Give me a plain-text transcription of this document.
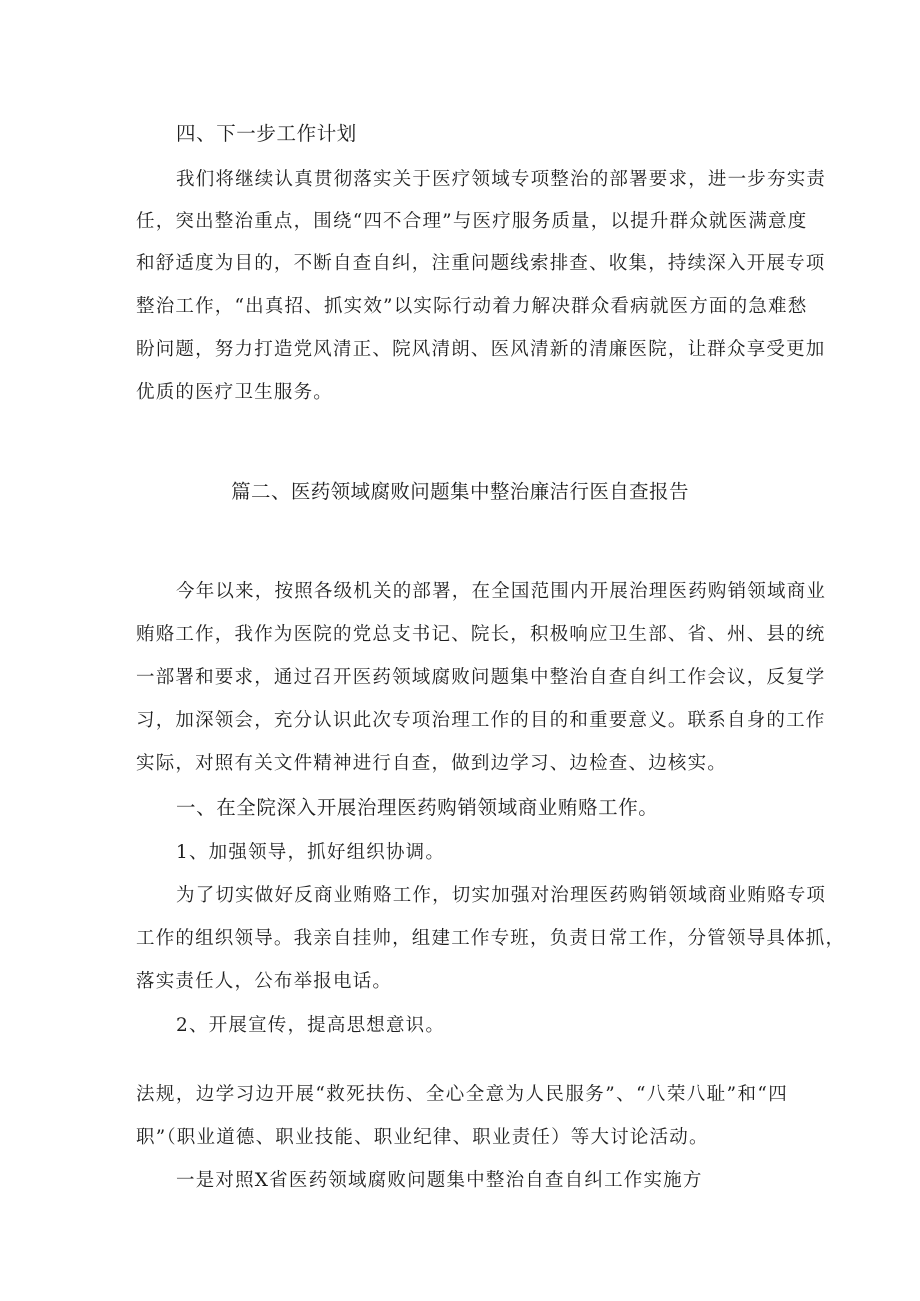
四、下一步工作计划
我们将继续认真贯彻落实关于医疗领域专项整治的部署要求，进一步夯实责
任，突出整治重点，围绕“四不合理”与医疗服务质量，以提升群众就医满意度
和舒适度为目的，不断自查自纠，注重问题线索排查、收集，持续深入开展专项
整治工作，“出真招、抓实效”以实际行动着力解决群众看病就医方面的急难愁
盼问题，努力打造党风清正、院风清朗、医风清新的清廉医院，让群众享受更加
优质的医疗卫生服务。
篇二、医药领域腐败问题集中整治廉洁行医自查报告
今年以来，按照各级机关的部署，在全国范围内开展治理医药购销领域商业
贿赂工作，我作为医院的党总支书记、院长，积极响应卫生部、省、州、县的统
一部署和要求，通过召开医药领域腐败问题集中整治自查自纠工作会议，反复学
习，加深领会，充分认识此次专项治理工作的目的和重要意义。联系自身的工作
实际，对照有关文件精神进行自查，做到边学习、边检查、边核实。
一、在全院深入开展治理医药购销领域商业贿赂工作。
1、加强领导，抓好组织协调。
为了切实做好反商业贿赂工作，切实加强对治理医药购销领域商业贿赂专项
工作的组织领导。我亲自挂帅，组建工作专班，负责日常工作，分管领导具体抓，
落实责任人，公布举报电话。
2、开展宣传，提高思想意识。
法规，边学习边开展“救死扶伤、全心全意为人民服务”、“八荣八耻”和“四
职”（职业道德、职业技能、职业纪律、职业责任）等大讨论活动。
一是对照X省医药领域腐败问题集中整治自查自纠工作实施方
